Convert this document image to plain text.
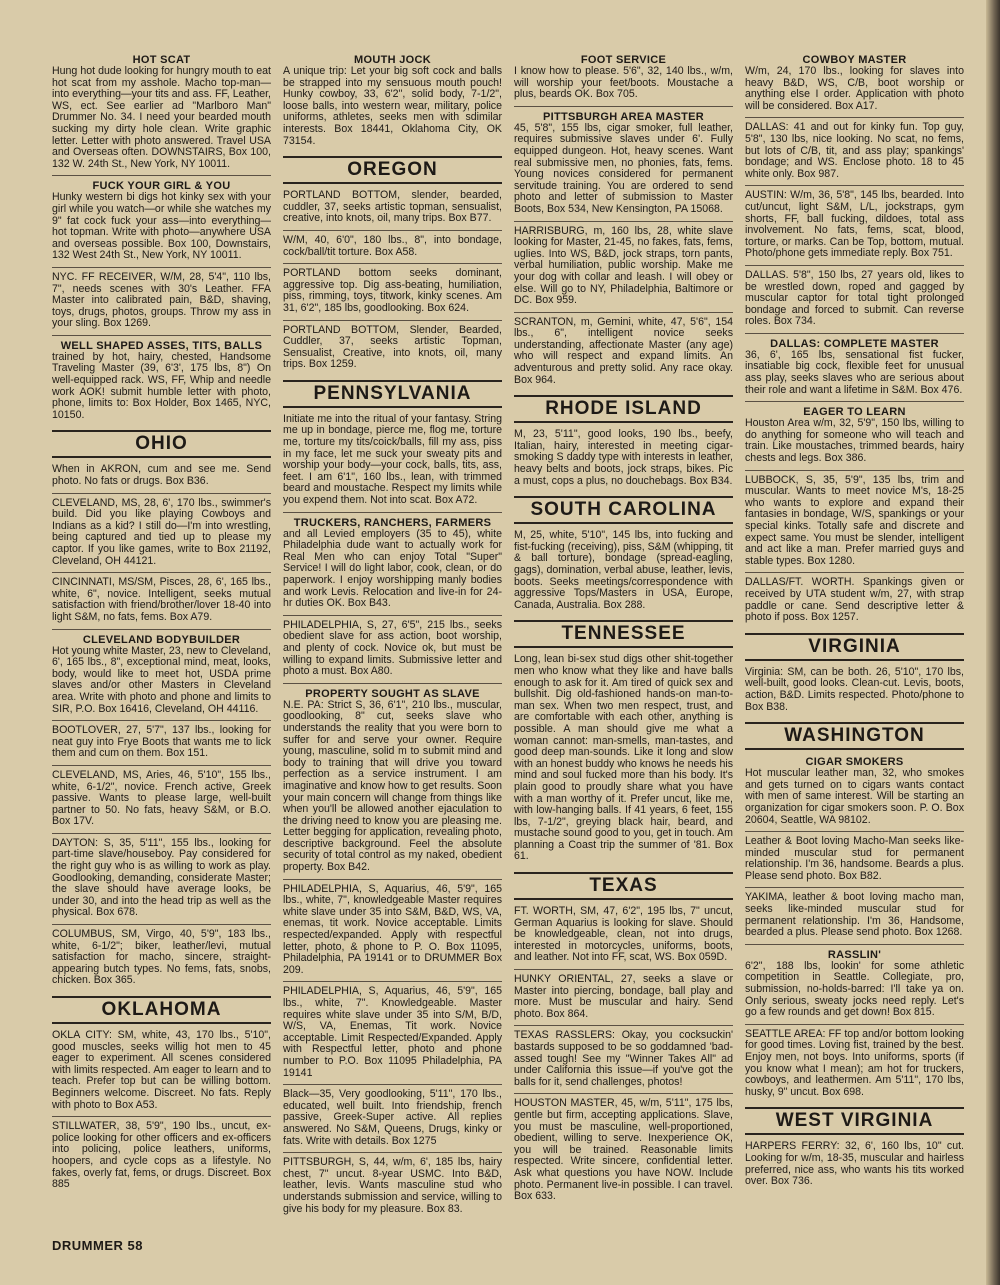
HOT SCAT
Hung hot dude looking for hungry mouth to eat hot scat from my asshole. Macho top-man—into everything—your tits and ass. FF, Leather, WS, ect. See earlier ad "Marlboro Man" Drummer No. 34. I need your bearded mouth sucking my dirty hole clean. Write graphic letter. Letter with photo answered. Travel USA and Overseas often. DOWNSTAIRS, Box 100, 132 W. 24th St., New York, NY 10011.
FUCK YOUR GIRL & YOU
Hunky western bi digs hot kinky sex with your girl while you watch—or while she watches my 9" fat cock fuck your ass—into everything—hot topman. Write with photo—anywhere USA and overseas possible. Box 100, Downstairs, 132 West 24th St., New York, NY 10011.
NYC. FF RECEIVER, W/M, 28, 5'4", 110 lbs, 7", needs scenes with 30's Leather. FFA Master into calibrated pain, B&D, shaving, toys, drugs, photos, groups. Throw my ass in your sling. Box 1269.
WELL SHAPED ASSES, TITS, BALLS
trained by hot, hairy, chested, Handsome Traveling Master (39, 6'3', 175 lbs, 8") On well-equipped rack. WS, FF, Whip and needle work AOK! submit humble letter with photo, phone, limits to: Box Holder, Box 1465, NYC, 10150.
OHIO
When in AKRON, cum and see me. Send photo. No fats or drugs. Box B36.
CLEVELAND, MS, 28, 6', 170 lbs., swimmer's build. Did you like playing Cowboys and Indians as a kid? I still do—I'm into wrestling, being captured and tied up to please my captor. If you like games, write to Box 21192, Cleveland, OH 44121.
CINCINNATI, MS/SM, Pisces, 28, 6', 165 lbs., white, 6", novice. Intelligent, seeks mutual satisfaction with friend/brother/lover 18-40 into light S&M, no fats, fems. Box A79.
CLEVELAND BODYBUILDER
Hot young white Master, 23, new to Cleveland, 6', 165 lbs., 8", exceptional mind, meat, looks, body, would like to meet hot, USDA prime slaves and/or other Masters in Cleveland area. Write with photo and phone and limits to SIR, P.O. Box 16416, Cleveland, OH 44116.
BOOTLOVER, 27, 5'7", 137 lbs., looking for neat guy into Frye Boots that wants me to lick them and cum on them. Box 151.
CLEVELAND, MS, Aries, 46, 5'10", 155 lbs., white, 6-1/2", novice. French active, Greek passive. Wants to please large, well-built partner to 50. No fats, heavy S&M, or B.O. Box 17V.
DAYTON: S, 35, 5'11", 155 lbs., looking for part-time slave/houseboy. Pay considered for the right guy who is as willing to work as play. Goodlooking, demanding, considerate Master; the slave should have average looks, be under 30, and into the head trip as well as the physical. Box 678.
COLUMBUS, SM, Virgo, 40, 5'9", 183 lbs., white, 6-1/2"; biker, leather/levi, mutual satisfaction for macho, sincere, straight-appearing butch types. No fems, fats, snobs, chicken. Box 365.
OKLAHOMA
OKLA CITY: SM, white, 43, 170 lbs., 5'10", good muscles, seeks willig hot men to 45 eager to experiment. All scenes considered with limits respected. Am eager to learn and to teach. Prefer top but can be willing bottom. Beginners welcome. Discreet. No fats. Reply with photo to Box A53.
STILLWATER, 38, 5'9", 190 lbs., uncut, ex-police looking for other officers and ex-officers into policing, police leathers, uniforms, hoopers, and cycle cops as a lifestyle. No fakes, overly fat, fems, or drugs. Discreet. Box 885
MOUTH JOCK
A unique trip: Let your big soft cock and balls be strapped into my sensuous mouth pouch! Hunky cowboy, 33, 6'2", solid body, 7-1/2", loose balls, into western wear, military, police uniforms, athletes, seeks men with sdimilar interests. Box 18441, Oklahoma City, OK 73154.
OREGON
PORTLAND BOTTOM, slender, bearded, cuddler, 37, seeks artistic topman, sensualist, creative, into knots, oil, many trips. Box B77.
W/M, 40, 6'0", 180 lbs., 8", into bondage, cock/ball/tit torture. Box A58.
PORTLAND bottom seeks dominant, aggressive top. Dig ass-beating, humiliation, piss, rimming, toys, titwork, kinky scenes. Am 31, 6'2", 185 lbs, goodlooking. Box 624.
PORTLAND BOTTOM, Slender, Bearded, Cuddler, 37, seeks artistic Topman, Sensualist, Creative, into knots, oil, many trips. Box 1259.
PENNSYLVANIA
Initiate me into the ritual of your fantasy. String me up in bondage, pierce me, flog me, torture me, torture my tits/coick/balls, fill my ass, piss in my face, let me suck your sweaty pits and worship your body—your cock, balls, tits, ass, feet. I am 6'1", 160 lbs., lean, with trimmed beard and moustache. Respect my limits while you expend them. Not into scat. Box A72.
TRUCKERS, RANCHERS, FARMERS
and all Levied employers (35 to 45), white Philadelphia dude want to actually work for Real Men who can enjoy Total "Super" Service! I will do light labor, cook, clean, or do paperwork. I enjoy worshipping manly bodies and work Levis. Relocation and live-in for 24-hr duties OK. Box B43.
PHILADELPHIA, S, 27, 6'5", 215 lbs., seeks obedient slave for ass action, boot worship, and plenty of cock. Novice ok, but must be willing to expand limits. Submissive letter and photo a must. Box A80.
PROPERTY SOUGHT AS SLAVE
N.E. PA: Strict S, 36, 6'1", 210 lbs., muscular, goodlooking, 8" cut, seeks slave who understands the reality that you were born to suffer for and serve your owner. Require young, masculine, solid m to submit mind and body to training that will drive you toward perfection as a service instrument. I am imaginative and know how to get results. Soon your main concern will change from things like when you'll be allowed another ejaculation to the driving need to know you are pleasing me. Letter begging for application, revealing photo, descriptive background. Feel the absolute security of total control as my naked, obedient property. Box B42.
PHILADELPHIA, S, Aquarius, 46, 5'9", 165 lbs., white, 7", knowledgeable Master requires white slave under 35 into S&M, B&D, WS, VA, enemas, tit work. Novice acceptable. Limits respected/expanded. Apply with respectful letter, photo, & phone to P. O. Box 11095, Philadelphia, PA 19141 or to DRUMMER Box 209.
PHILADELPHIA, S, Aquarius, 46, 5'9", 165 lbs., white, 7". Knowledgeable. Master requires white slave under 35 into S/M, B/D, W/S, VA, Enemas, Tit work. Novice acceptable. Limit Respected/Expanded. Apply with Respectful letter, photo and phone number to P.O. Box 11095 Philadelphia, PA 19141
Black—35, Very goodlooking, 5'11", 170 lbs., educated, well built. Into friendship, french passive, Greek-Super active. All replies answered. No S&M, Queens, Drugs, kinky or fats. Write with details. Box 1275
PITTSBURGH, S, 44, w/m, 6', 185 lbs, hairy chest, 7" uncut. 8-year USMC. Into B&D, leather, levis. Wants masculine stud who understands submission and service, willing to give his body for my pleasure. Box 83.
FOOT SERVICE
I know how to please. 5'6", 32, 140 lbs., w/m, will worship your feet/boots. Moustache a plus, beards OK. Box 705.
PITTSBURGH AREA MASTER
45, 5'8", 155 lbs, cigar smoker, full leather, requires submissive slaves under 6'. Fully equipped dungeon. Hot, heavy scenes. Want real submissive men, no phonies, fats, fems. Young novices considered for permanent servitude training. You are ordered to send photo and letter of submission to Master Boots, Box 534, New Kensington, PA 15068.
HARRISBURG, m, 160 lbs, 28, white slave looking for Master, 21-45, no fakes, fats, fems, uglies. Into WS, B&D, jock straps, torn pants, verbal humiliation, public worship. Make me your dog with collar and leash. I will obey or else. Will go to NY, Philadelphia, Baltimore or DC. Box 959.
SCRANTON, m, Gemini, white, 47, 5'6", 154 lbs., 6", intelligent novice seeks understanding, affectionate Master (any age) who will respect and expand limits. An adventurous and pretty solid. Any race okay. Box 964.
RHODE ISLAND
M, 23, 5'11", good looks, 190 lbs., beefy, Italian, hairy, interested in meeting cigar-smoking S daddy type with interests in leather, heavy belts and boots, jock straps, bikes. Pic a must, cops a plus, no douchebags. Box B34.
SOUTH CAROLINA
M, 25, white, 5'10", 145 lbs, into fucking and fist-fucking (receiving), piss, S&M (whipping, tit & ball torture), bondage (spread-eagling, gags), domination, verbal abuse, leather, levis, boots. Seeks meetings/correspondence with aggressive Tops/Masters in USA, Europe, Canada, Australia. Box 288.
TENNESSEE
Long, lean bi-sex stud digs other shit-together men who know what they like and have balls enough to ask for it. Am tired of quick sex and bullshit. Dig old-fashioned hands-on man-to-man sex. When two men respect, trust, and are comfortable with each other, anything is possible. A man should give me what a woman cannot: man-smells, man-tastes, and good deep man-sounds. Like it long and slow with an honest buddy who knows he needs his mind and soul fucked more than his body. It's plain good to proudly share what you have with a man worthy of it. Prefer uncut, like me, with low-hanging balls. If 41 years, 6 feet, 155 lbs, 7-1/2", greying black hair, beard, and mustache sound good to you, get in touch. Am planning a Coast trip the summer of '81. Box 61.
TEXAS
FT. WORTH, SM, 47, 6'2", 195 lbs, 7" uncut, German Aquarius is looking for slave. Should be knowledgeable, clean, not into drugs, interested in motorcycles, uniforms, boots, and leather. Not into FF, scat, WS. Box 059D.
HUNKY ORIENTAL, 27, seeks a slave or Master into piercing, bondage, ball play and more. Must be muscular and hairy. Send photo. Box 864.
TEXAS RASSLERS: Okay, you cocksuckin' bastards supposed to be so goddamned 'bad-assed tough! See my "Winner Takes All" ad under California this issue—if you've got the balls for it, send challenges, photos!
HOUSTON MASTER, 45, w/m, 5'11", 175 lbs, gentle but firm, accepting applications. Slave, you must be masculine, well-proportioned, obedient, willing to serve. Inexperience OK, you will be trained. Reasonable limits respected. Write sincere, confidential letter. Ask what questions you have NOW. Include photo. Permanent live-in possible. I can travel. Box 633.
COWBOY MASTER
W/m, 24, 170 lbs., looking for slaves into heavy B&D, WS, C/B, boot worship or anything else I order. Application with photo will be considered. Box A17.
DALLAS: 41 and out for kinky fun. Top guy, 5'8", 130 lbs, nice looking. No scat, no fems, but lots of C/B, tit, and ass play; spankings' bondage; and WS. Enclose photo. 18 to 45 white only. Box 987.
AUSTIN: W/m, 36, 5'8", 145 lbs, bearded. Into cut/uncut, light S&M, L/L, jockstraps, gym shorts, FF, ball fucking, dildoes, total ass involvement. No fats, fems, scat, blood, torture, or marks. Can be Top, bottom, mutual. Photo/phone gets immediate reply. Box 751.
DALLAS. 5'8", 150 lbs, 27 years old, likes to be wrestled down, roped and gagged by muscular captor for total tight prolonged bondage and forced to submit. Can reverse roles. Box 734.
DALLAS: COMPLETE MASTER
36, 6', 165 lbs, sensational fist fucker, insatiable big cock, flexible feet for unusual ass play, seeks slaves who are serious about their role and want a lifetime in S&M. Box 476.
EAGER TO LEARN
Houston Area w/m, 32, 5'9", 150 lbs, willing to do anything for someone who will teach and train. Like moustaches, trimmed beards, hairy chests and legs. Box 386.
LUBBOCK, S, 35, 5'9", 135 lbs, trim and muscular. Wants to meet novice M's, 18-25 who wants to explore and expand their fantasies in bondage, W/S, spankings or your special kinks. Totally safe and discrete and expect same. You must be slender, intelligent and act like a man. Prefer married guys and stable types. Box 1280.
DALLAS/FT. WORTH. Spankings given or received by UTA student w/m, 27, with strap paddle or cane. Send descriptive letter & photo if poss. Box 1257.
VIRGINIA
Virginia: SM, can be both. 26, 5'10", 170 lbs, well-built, good looks. Clean-cut. Levis, boots, action, B&D. Limits respected. Photo/phone to Box B38.
WASHINGTON
CIGAR SMOKERS
Hot muscular leather man, 32, who smokes and gets turned on to cigars wants contact with men of same interest. Will be starting an organization for cigar smokers soon. P. O. Box 20604, Seattle, WA 98102.
Leather & Boot loving Macho-Man seeks like-minded muscular stud for permanent relationship. I'm 36, handsome. Beards a plus. Please send photo. Box B82.
YAKIMA, leather & boot loving macho man, seeks like-minded muscular stud for permanent relationship. I'm 36, Handsome, bearded a plus. Please send photo. Box 1268.
RASSLIN'
6'2", 188 lbs, lookin' for some athletic competition in Seattle. Collegiate, pro, submission, no-holds-barred: I'll take ya on. Only serious, sweaty jocks need reply. Let's go a few rounds and get down! Box 815.
SEATTLE AREA: FF top and/or bottom looking for good times. Loving fist, trained by the best. Enjoy men, not boys. Into uniforms, sports (if you know what I mean); am hot for truckers, cowboys, and leathermen. Am 5'11", 170 lbs, husky, 9" uncut. Box 698.
WEST VIRGINIA
HARPERS FERRY: 32, 6', 160 lbs, 10" cut. Looking for w/m, 18-35, muscular and hairless preferred, nice ass, who wants his tits worked over. Box 736.
DRUMMER 58
